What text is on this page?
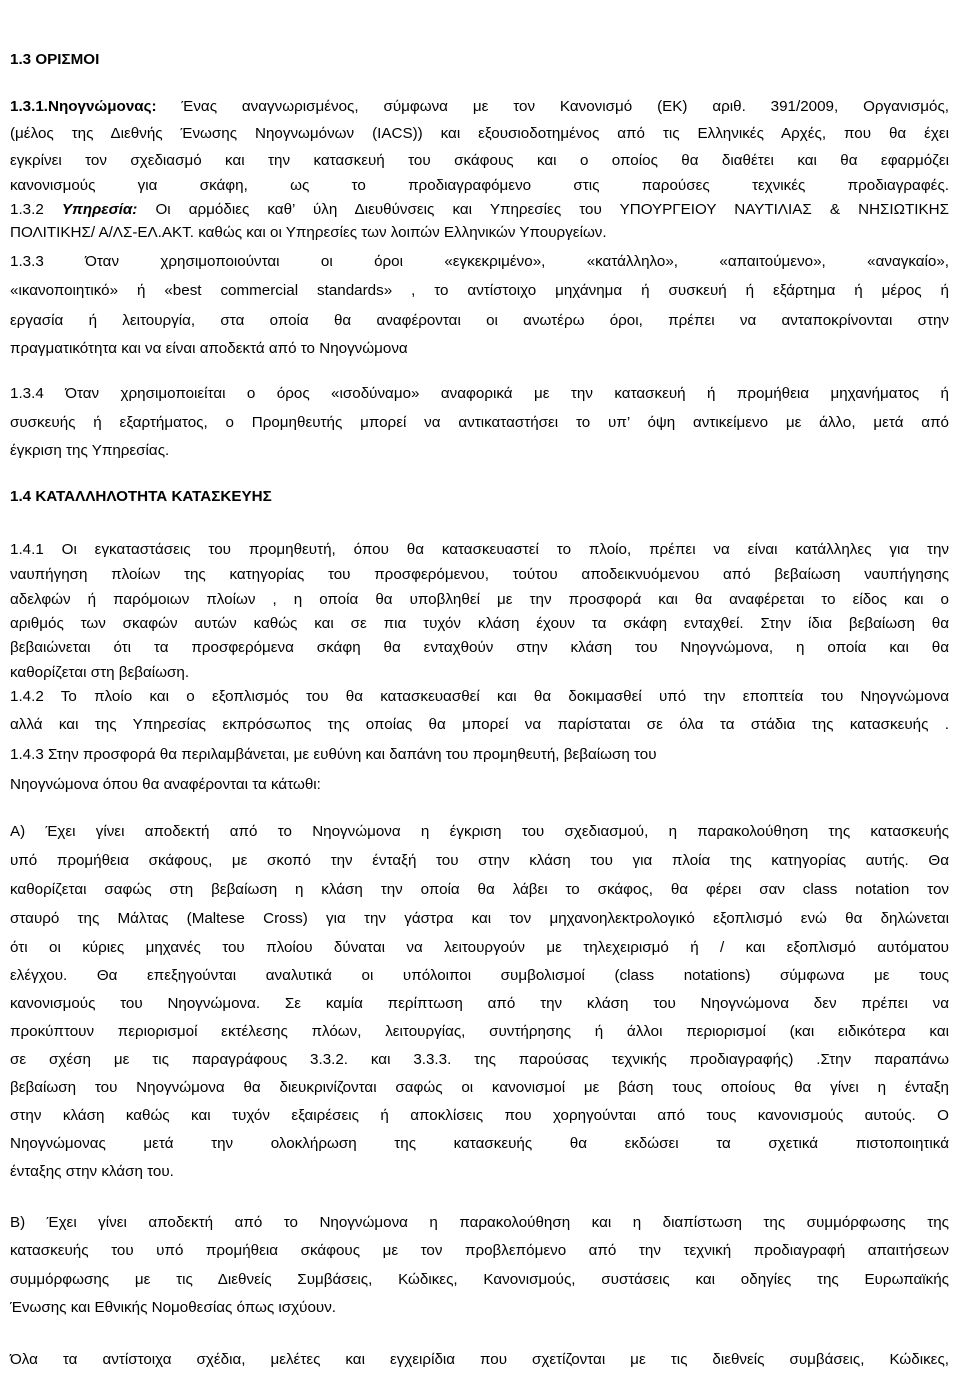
1.3 ΟΡΙΣΜΟΙ
1.3.1.Νηογνώμονας: Ένας αναγνωρισμένος, σύμφωνα με τον Κανονισμό (ΕΚ) αριθ. 391/2009, Οργανισμός,
(μέλος της Διεθνής Ένωσης Νηογνωμόνων (IACS)) και εξουσιοδοτημένος από τις Ελληνικές Αρχές, που θα έχει
εγκρίνει τον σχεδιασμό και την κατασκευή του σκάφους και ο οποίος θα διαθέτει και θα εφαρμόζει
κανονισμούς για σκάφη, ως το προδιαγραφόμενο στις παρούσες τεχνικές προδιαγραφές.
1.3.2 Υπηρεσία: Οι αρμόδιες καθ’ ύλη Διευθύνσεις και Υπηρεσίες του ΥΠΟΥΡΓΕΙΟΥ ΝΑΥΤΙΛΙΑΣ & ΝΗΣΙΩΤΙΚΗΣ
ΠΟΛΙΤΙΚΗΣ/ Α/ΛΣ-ΕΛ.ΑΚΤ. καθώς και οι Υπηρεσίες των λοιπών Ελληνικών Υπουργείων.
1.3.3 Όταν χρησιμοποιούνται οι όροι «εγκεκριμένο», «κατάλληλο», «απαιτούμενο», «αναγκαίο»,
«ικανοποιητικό» ή «best commercial standards» , το αντίστοιχο μηχάνημα ή συσκευή ή εξάρτημα ή μέρος ή
εργασία ή λειτουργία, στα οποία θα αναφέρονται οι ανωτέρω όροι, πρέπει να ανταποκρίνονται στην
πραγματικότητα και να είναι αποδεκτά από το Νηογνώμονα
1.3.4 Όταν χρησιμοποιείται ο όρος «ισοδύναμο» αναφορικά με την κατασκευή ή προμήθεια μηχανήματος ή
συσκευής ή εξαρτήματος, ο Προμηθευτής μπορεί να αντικαταστήσει το υπ’ όψη αντικείμενο με άλλο, μετά από
έγκριση της Υπηρεσίας.
1.4 ΚΑΤΑΛΛΗΛΟΤΗΤΑ ΚΑΤΑΣΚΕΥΗΣ
1.4.1 Οι εγκαταστάσεις του προμηθευτή, όπου θα κατασκευαστεί το πλοίο, πρέπει να είναι κατάλληλες για την
ναυπήγηση πλοίων της κατηγορίας του προσφερόμενου, τούτου αποδεικνυόμενου από βεβαίωση ναυπήγησης
αδελφών ή παρόμοιων πλοίων , η οποία θα υποβληθεί με την προσφορά και θα αναφέρεται το είδος και ο
αριθμός των σκαφών αυτών καθώς και σε πια τυχόν κλάση έχουν τα σκάφη ενταχθεί. Στην ίδια βεβαίωση θα
βεβαιώνεται ότι τα προσφερόμενα σκάφη θα ενταχθούν στην κλάση του Νηογνώμονα, η οποία και θα
καθορίζεται στη βεβαίωση.
1.4.2 Το πλοίο και ο εξοπλισμός του θα κατασκευασθεί και θα δοκιμασθεί υπό την εποπτεία του Νηογνώμονα
αλλά και της Υπηρεσίας εκπρόσωπος της οποίας θα μπορεί να παρίσταται σε όλα τα στάδια της κατασκευής .
1.4.3 Στην προσφορά θα περιλαμβάνεται, με ευθύνη και δαπάνη του προμηθευτή, βεβαίωση του
Νηογνώμονα όπου θα αναφέρονται τα κάτωθι:
Α) Έχει γίνει αποδεκτή από το Νηογνώμονα η έγκριση του σχεδιασμού, η παρακολούθηση της κατασκευής
υπό προμήθεια σκάφους, με σκοπό την ένταξή του στην κλάση του για πλοία της κατηγορίας αυτής. Θα
καθορίζεται σαφώς στη βεβαίωση η κλάση την οποία θα λάβει το σκάφος, θα φέρει σαν class notation τον
σταυρό της Μάλτας (Maltese Cross) για την γάστρα και τον μηχανοηλεκτρολογικό εξοπλισμό ενώ θα δηλώνεται
ότι οι κύριες μηχανές του πλοίου δύναται να λειτουργούν με τηλεχειρισμό ή / και εξοπλισμό αυτόματου
ελέγχου. Θα επεξηγούνται αναλυτικά οι υπόλοιποι συμβολισμοί (class notations) σύμφωνα με τους
κανονισμούς του Νηογνώμονα. Σε καμία περίπτωση από την κλάση του Νηογνώμονα δεν πρέπει να
προκύπτουν περιορισμοί εκτέλεσης πλόων, λειτουργίας, συντήρησης ή άλλοι περιορισμοί (και ειδικότερα και
σε σχέση με τις παραγράφους 3.3.2. και 3.3.3. της παρούσας τεχνικής προδιαγραφής) .Στην παραπάνω
βεβαίωση του Νηογνώμονα θα διευκρινίζονται σαφώς οι κανονισμοί με βάση τους οποίους θα γίνει η ένταξη
στην κλάση καθώς και τυχόν εξαιρέσεις ή αποκλίσεις που χορηγούνται από τους κανονισμούς αυτούς. Ο
Νηογνώμονας μετά την ολοκλήρωση της κατασκευής θα εκδώσει τα σχετικά πιστοποιητικά
ένταξης στην κλάση του.
Β) Έχει γίνει αποδεκτή από το Νηογνώμονα η παρακολούθηση και η διαπίστωση της συμμόρφωσης της
κατασκευής του υπό προμήθεια σκάφους με τον προβλεπόμενο από την τεχνική προδιαγραφή απαιτήσεων
συμμόρφωσης με τις Διεθνείς Συμβάσεις, Κώδικες, Κανονισμούς, συστάσεις και οδηγίες της Ευρωπαϊκής
Ένωσης και Εθνικής Νομοθεσίας όπως ισχύουν.
Όλα τα αντίστοιχα σχέδια, μελέτες και εγχειρίδια που σχετίζονται με τις διεθνείς συμβάσεις, Κώδικες,
